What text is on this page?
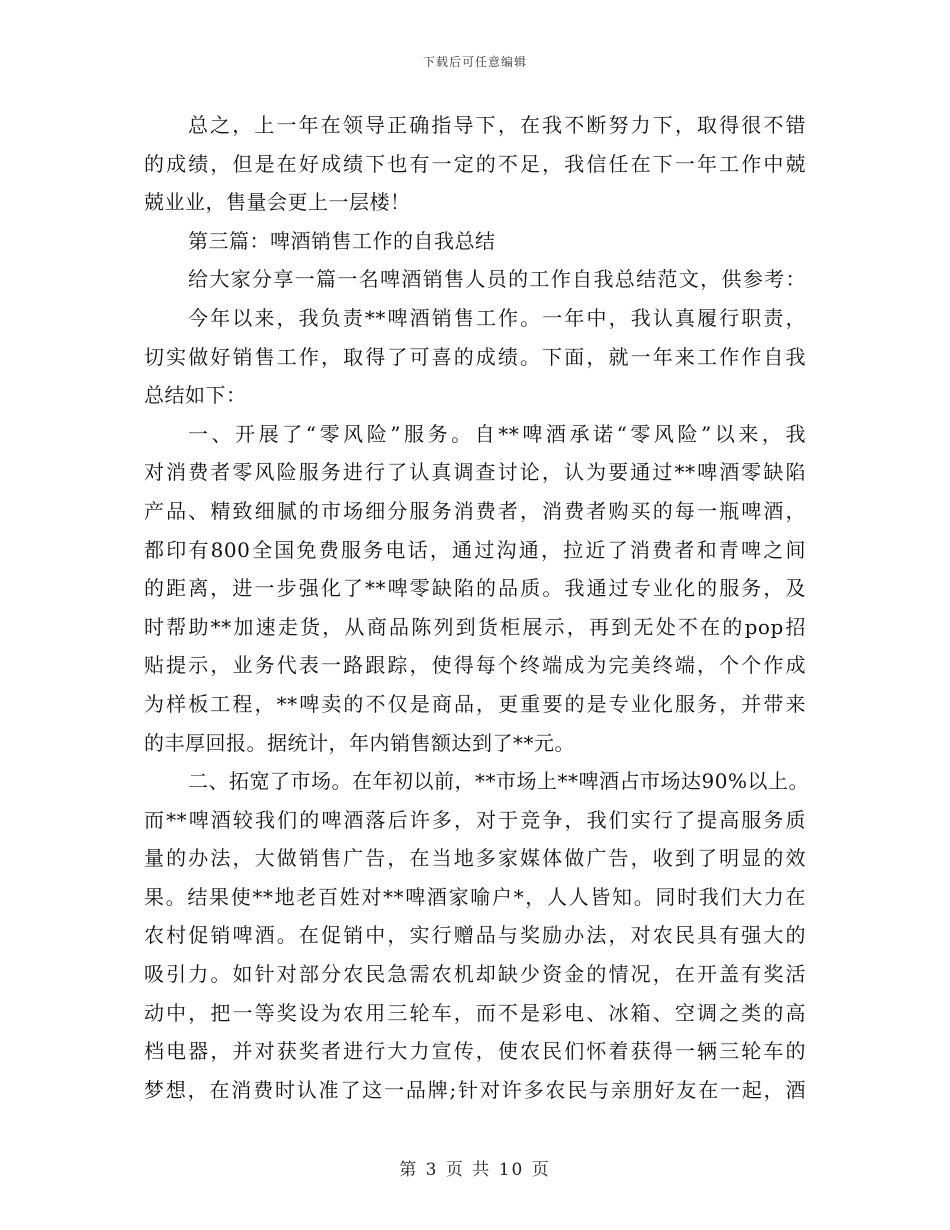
下载后可任意编辑
总之，上一年在领导正确指导下，在我不断努力下，取得很不错
的成绩，但是在好成绩下也有一定的不足，我信任在下一年工作中兢
兢业业，售量会更上一层楼！
第三篇：啤酒销售工作的自我总结
给大家分享一篇一名啤酒销售人员的工作自我总结范文，供参考：
今年以来，我负责**啤酒销售工作。一年中，我认真履行职责，
切实做好销售工作，取得了可喜的成绩。下面，就一年来工作作自我
总结如下：
一、开展了“零风险”服务。自**啤酒承诺“零风险”以来，我
对消费者零风险服务进行了认真调查讨论，认为要通过**啤酒零缺陷
产品、精致细腻的市场细分服务消费者，消费者购买的每一瓶啤酒，
都印有800全国免费服务电话，通过沟通，拉近了消费者和青啤之间
的距离，进一步强化了**啤零缺陷的品质。我通过专业化的服务，及
时帮助**加速走货，从商品陈列到货柜展示，再到无处不在的pop招
贴提示，业务代表一路跟踪，使得每个终端成为完美终端，个个作成
为样板工程，**啤卖的不仅是商品，更重要的是专业化服务，并带来
的丰厚回报。据统计，年内销售额达到了**元。
二、拓宽了市场。在年初以前，**市场上**啤酒占市场达90%以上。
而**啤酒较我们的啤酒落后许多，对于竞争，我们实行了提高服务质
量的办法，大做销售广告，在当地多家媒体做广告，收到了明显的效
果。结果使**地老百姓对**啤酒家喻户*，人人皆知。同时我们大力在
农村促销啤酒。在促销中，实行赠品与奖励办法，对农民具有强大的
吸引力。如针对部分农民急需农机却缺少资金的情况，在开盖有奖活
动中，把一等奖设为农用三轮车，而不是彩电、冰箱、空调之类的高
档电器，并对获奖者进行大力宣传，使农民们怀着获得一辆三轮车的
梦想，在消费时认准了这一品牌;针对许多农民与亲朋好友在一起，酒
第 3 页 共 10 页
